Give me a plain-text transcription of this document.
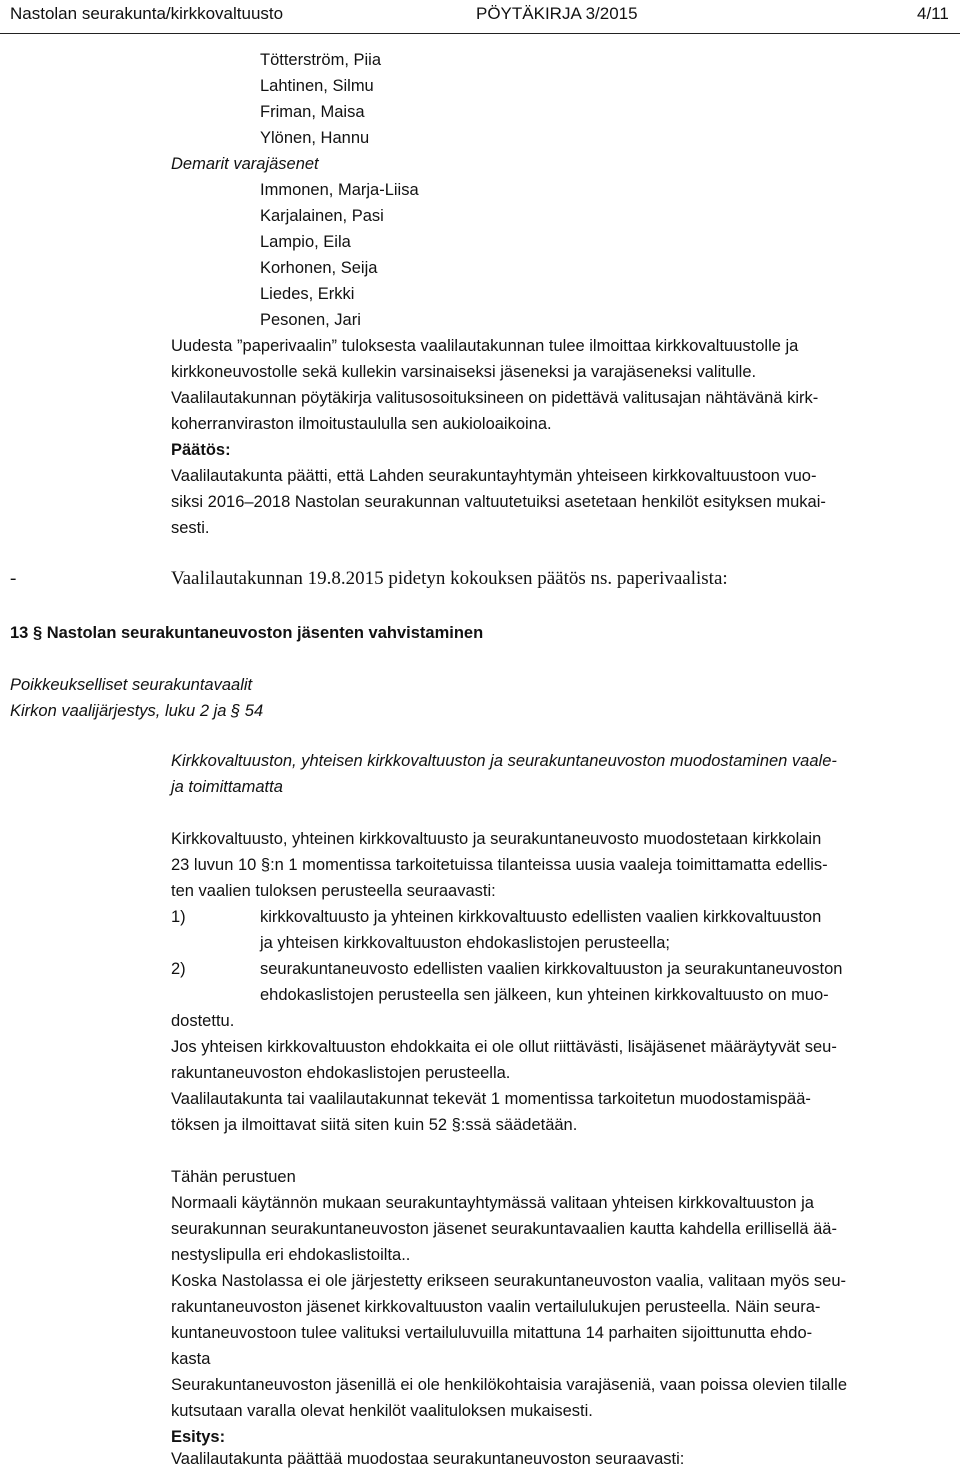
Nastolan seurakunta/kirkkovaltuusto	PÖYTÄKIRJA 3/2015	4/11
Tötterström, Piia
Lahtinen, Silmu
Friman, Maisa
Ylönen, Hannu
Demarit varajäsenet
Immonen, Marja-Liisa
Karjalainen, Pasi
Lampio, Eila
Korhonen, Seija
Liedes, Erkki
Pesonen, Jari
Uudesta ”paperivaalin” tuloksesta vaalilautakunnan tulee ilmoittaa kirkkovaltuustolle ja
kirkkoneuvostolle sekä kullekin varsinaiseksi jäseneksi ja varajäseneksi valitulle.
Vaalilautakunnan pöytäkirja valitusosoituksineen on pidettävä valitusajan nähtävänä kirk-
koherranviraston ilmoitustaululla sen aukioloaikoina.
Päätös:
Vaalilautakunta päätti, että Lahden seurakuntayhtymän yhteiseen kirkkovaltuustoon vuo-
siksi 2016–2018 Nastolan seurakunnan valtuutetuiksi asetetaan henkilöt esityksen mukai-
sesti.
-	Vaalilautakunnan 19.8.2015 pidetyn kokouksen päätös ns. paperivaalista:
13 § Nastolan seurakuntaneuvoston jäsenten vahvistaminen
Poikkeukselliset seurakuntavaalit
Kirkon vaalijärjestys, luku 2 ja § 54
Kirkkovaltuuston, yhteisen kirkkovaltuuston ja seurakuntaneuvoston muodostaminen vaale-
ja toimittamatta
Kirkkovaltuusto, yhteinen kirkkovaltuusto ja seurakuntaneuvosto muodostetaan kirkkolain
23 luvun 10 §:n 1 momentissa tarkoitetuissa tilanteissa uusia vaaleja toimittamatta edellis-
ten vaalien tuloksen perusteella seuraavasti:
1)	kirkkovaltuusto ja yhteinen kirkkovaltuusto edellisten vaalien kirkkovaltuuston
ja yhteisen kirkkovaltuuston ehdokaslistojen perusteella;
2)	seurakuntaneuvosto edellisten vaalien kirkkovaltuuston ja seurakuntaneuvoston
ehdokaslistojen perusteella sen jälkeen, kun yhteinen kirkkovaltuusto on muo-
dostettu.
Jos yhteisen kirkkovaltuuston ehdokkaita ei ole ollut riittävästi, lisäjäsenet määräytyvät seu-
rakuntaneuvoston ehdokaslistojen perusteella.
Vaalilautakunta tai vaalilautakunnat tekevät 1 momentissa tarkoitetun muodostamispää-
töksen ja ilmoittavat siitä siten kuin 52 §:ssä säädetään.
Tähän perustuen
Normaali käytännön mukaan seurakuntayhtymässä valitaan yhteisen kirkkovaltuuston ja
seurakunnan seurakuntaneuvoston jäsenet seurakuntavaalien kautta kahdella erillisellä ää-
nestyslipulla eri ehdokaslistoilta..
Koska Nastolassa ei ole järjestetty erikseen seurakuntaneuvoston vaalia, valitaan myös seu-
rakuntaneuvoston jäsenet kirkkovaltuuston vaalin vertailulukujen perusteella. Näin seura-
kuntaneuvostoon tulee valituksi vertailuluvuilla mitattuna 14 parhaiten sijoittunutta ehdo-
kasta
Seurakuntaneuvoston jäsenillä ei ole henkilökohtaisia varajäseniä, vaan poissa olevien tilalle
kutsutaan varalla olevat henkilöt vaalituloksen mukaisesti.
Esitys:
Vaalilautakunta päättää muodostaa seurakuntaneuvoston seuraavasti:
